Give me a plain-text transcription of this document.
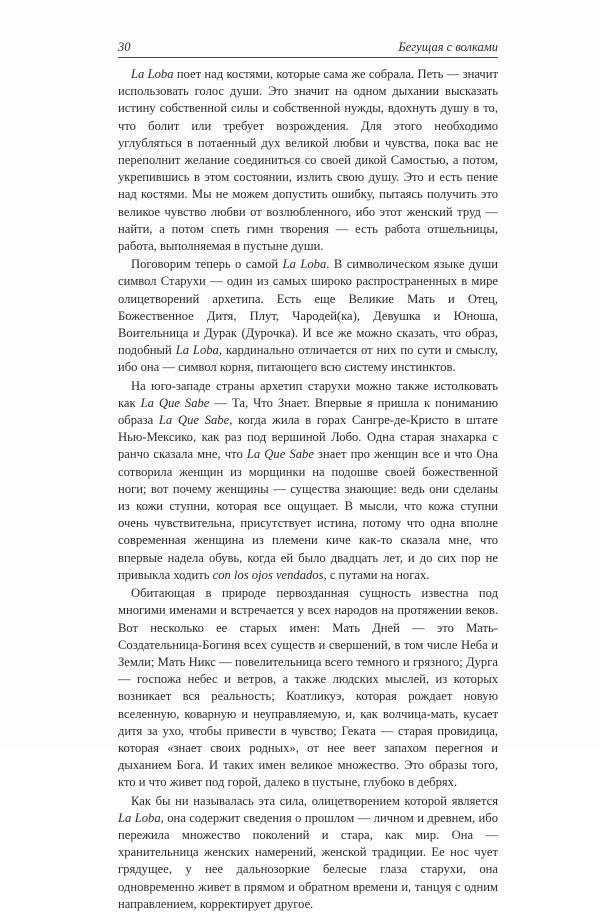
30	Бегущая с волками

La Loba поет над костями, которые сама же собрала. Петь — значит использовать голос души. Это значит на одном дыхании высказать истину собственной силы и собственной нужды, вдохнуть душу в то, что болит или требует возрождения. Для этого необходимо углубляться в потаенный дух великой любви и чувства, пока вас не переполнит желание соединиться со своей дикой Самостью, а потом, укрепившись в этом состоянии, излить свою душу. Это и есть пение над костями. Мы не можем допустить ошибку, пытаясь получить это великое чувство любви от возлюбленного, ибо этот женский труд — найти, а потом спеть гимн творения — есть работа отшельницы, работа, выполняемая в пустыне души.

Поговорим теперь о самой La Loba. В символическом языке души символ Старухи — один из самых широко распространенных в мире олицетворений архетипа. Есть еще Великие Мать и Отец, Божественное Дитя, Плут, Чародей(ка), Девушка и Юноша, Воительница и Дурак (Дурочка). И все же можно сказать, что образ, подобный La Loba, кардинально отличается от них по сути и смыслу, ибо она — символ корня, питающего всю систему инстинктов.

На юго-западе страны архетип старухи можно также истолковать как La Que Sabe — Та, Что Знает. Впервые я пришла к пониманию образа La Que Sabe, когда жила в горах Сангре-де-Кристо в штате Нью-Мексико, как раз под вершиной Лобо. Одна старая знахарка с ранчо сказала мне, что La Que Sabe знает про женщин все и что Она сотворила женщин из морщинки на подошве своей божественной ноги; вот почему женщины — существа знающие: ведь они сделаны из кожи ступни, которая все ощущает. В мысли, что кожа ступни очень чувствительна, присутствует истина, потому что одна вполне современная женщина из племени киче как-то сказала мне, что впервые надела обувь, когда ей было двадцать лет, и до сих пор не привыкла ходить con los ojos vendados, с путами на ногах.

Обитающая в природе первозданная сущность известна под многими именами и встречается у всех народов на протяжении веков. Вот несколько ее старых имен: Мать Дней — это Мать-Создательница-Богиня всех существ и свершений, в том числе Неба и Земли; Мать Никс — повелительница всего темного и грязного; Дурга — госпожа небес и ветров, а также людских мыслей, из которых возникает вся реальность; Коатликуэ, которая рождает новую вселенную, коварную и неуправляемую, и, как волчица-мать, кусает дитя за ухо, чтобы привести в чувство; Геката — старая провидица, которая «знает своих родных», от нее веет запахом перегноя и дыханием Бога. И таких имен великое множество. Это образы того, кто и что живет под горой, далеко в пустыне, глубоко в дебрях.

Как бы ни называлась эта сила, олицетворением которой является La Loba, она содержит сведения о прошлом — личном и древнем, ибо пережила множество поколений и стара, как мир. Она — хранительница женских намерений, женской традиции. Ее нос чует грядущее, у нее дальнозоркие белесые глаза старухи, она одновременно живет в прямом и обратном времени и, танцуя с одним направлением, корректирует другое.
